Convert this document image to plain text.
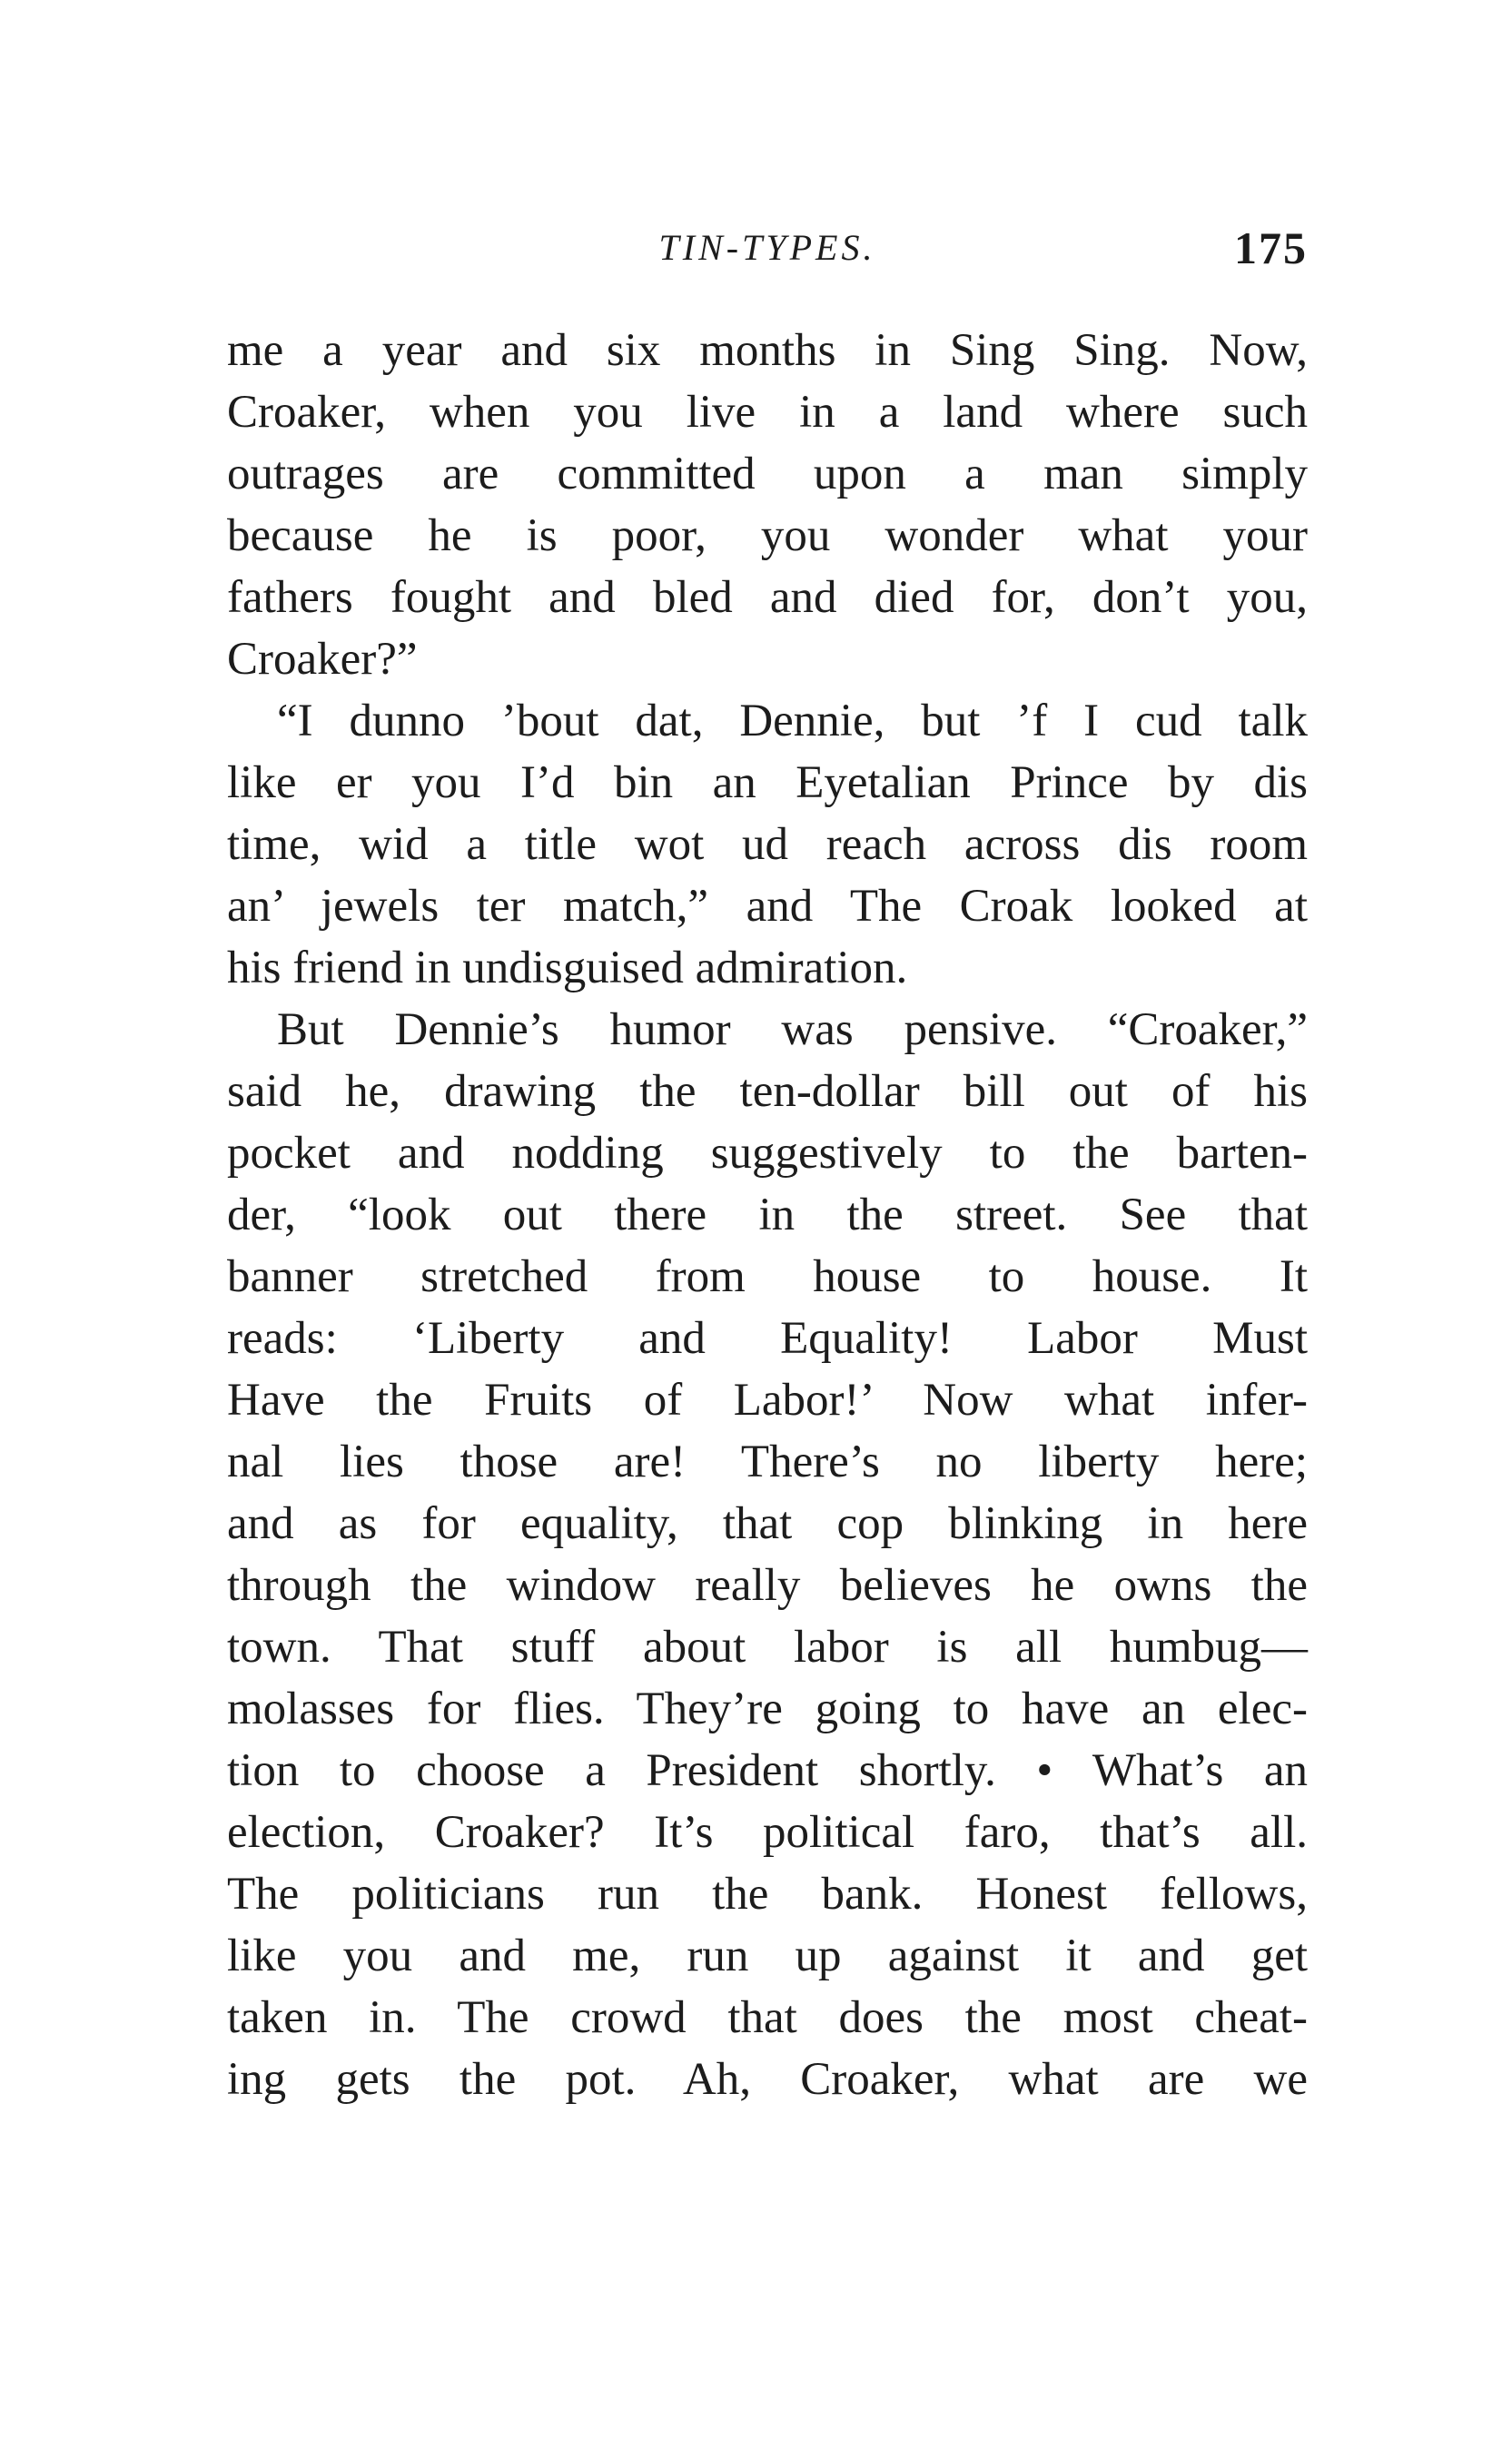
TIN-TYPES.	175
me a year and six months in Sing Sing. Now,
Croaker, when you live in a land where such
outrages are committed upon a man simply
because he is poor, you wonder what your
fathers fought and bled and died for, don’t you,
Croaker?”
“I dunno ’bout dat, Dennie, but ’f I cud talk
like er you I’d bin an Eyetalian Prince by dis
time, wid a title wot ud reach across dis room
an’ jewels ter match,” and The Croak looked at
his friend in undisguised admiration.
But Dennie’s humor was pensive. “Croaker,”
said he, drawing the ten-dollar bill out of his
pocket and nodding suggestively to the barten-
der, “look out there in the street. See that
banner stretched from house to house. It
reads: ‘Liberty and Equality! Labor Must
Have the Fruits of Labor!’ Now what infer-
nal lies those are! There’s no liberty here;
and as for equality, that cop blinking in here
through the window really believes he owns the
town. That stuff about labor is all humbug—
molasses for flies. They’re going to have an elec-
tion to choose a President shortly. • What’s an
election, Croaker? It’s political faro, that’s all.
The politicians run the bank. Honest fellows,
like you and me, run up against it and get
taken in. The crowd that does the most cheat-
ing gets the pot. Ah, Croaker, what are we
